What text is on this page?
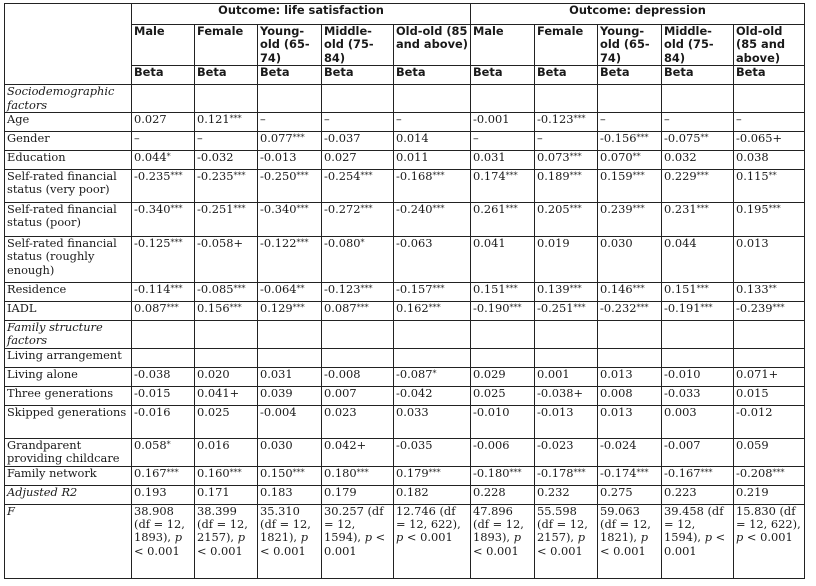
	Outcome: life satisfaction					Outcome: depression				
	Male	Female	Young-old (65-74)	Middle-old (75-84)	Old-old (85 and above)	Male	Female	Young-old (65-74)	Middle-old (75-84)	Old-old (85 and above)
	Beta	Beta	Beta	Beta	Beta	Beta	Beta	Beta	Beta	Beta
Sociodemographic factors										
Age	0.027	0.121***	–	–	–	-0.001	-0.123***	–	–	–
Gender	–	–	0.077***	-0.037	0.014	–	–	-0.156***	-0.075**	-0.065+
Education	0.044*	-0.032	-0.013	0.027	0.011	0.031	0.073***	0.070**	0.032	0.038
Self-rated financial status (very poor)	-0.235***	-0.235***	-0.250***	-0.254***	-0.168***	0.174***	0.189***	0.159***	0.229***	0.115**
Self-rated financial status (poor)	-0.340***	-0.251***	-0.340***	-0.272***	-0.240***	0.261***	0.205***	0.239***	0.231***	0.195***
Self-rated financial status (roughly enough)	-0.125***	-0.058+	-0.122***	-0.080*	-0.063	0.041	0.019	0.030	0.044	0.013
Residence	-0.114***	-0.085***	-0.064**	-0.123***	-0.157***	0.151***	0.139***	0.146***	0.151***	0.133**
IADL	0.087***	0.156***	0.129***	0.087***	0.162***	-0.190***	-0.251***	-0.232***	-0.191***	-0.239***
Family structure factors										
Living arrangement										
Living alone	-0.038	0.020	0.031	-0.008	-0.087*	0.029	0.001	0.013	-0.010	0.071+
Three generations	-0.015	0.041+	0.039	0.007	-0.042	0.025	-0.038+	0.008	-0.033	0.015
Skipped generations	-0.016	0.025	-0.004	0.023	0.033	-0.010	-0.013	0.013	0.003	-0.012
Grandparent providing childcare	0.058*	0.016	0.030	0.042+	-0.035	-0.006	-0.023	-0.024	-0.007	0.059
Family network	0.167***	0.160***	0.150***	0.180***	0.179***	-0.180***	-0.178***	-0.174***	-0.167***	-0.208***
Adjusted R2	0.193	0.171	0.183	0.179	0.182	0.228	0.232	0.275	0.223	0.219
F	38.908 (df = 12, 1893), p < 0.001	38.399 (df = 12, 2157), p < 0.001	35.310 (df = 12, 1821), p < 0.001	30.257 (df = 12, 1594), p < 0.001	12.746 (df = 12, 622), p < 0.001	47.896 (df = 12, 1893), p < 0.001	55.598 (df = 12, 2157), p < 0.001	59.063 (df = 12, 1821), p < 0.001	39.458 (df = 12, 1594), p < 0.001	15.830 (df = 12, 622), p < 0.001
